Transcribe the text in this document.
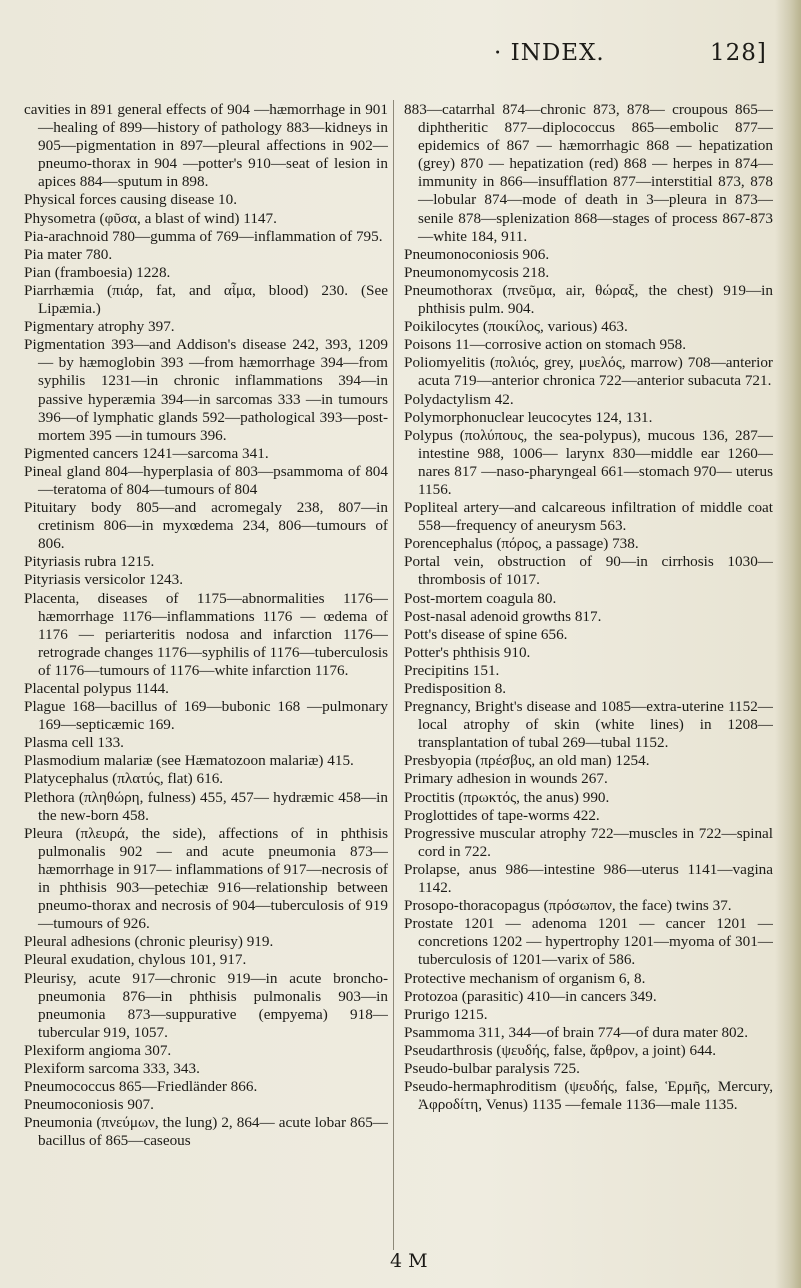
· INDEX.	128]

cavities in 891 general effects of 904 —hæmorrhage in 901—healing of 899—history of pathology 883—kidneys in 905—pigmentation in 897—pleural affections in 902—pneumo-thorax in 904 —potter's 910—seat of lesion in apices 884—sputum in 898.

Physical forces causing disease 10.

Physometra (φῦσα, a blast of wind) 1147.

Pia-arachnoid 780—gumma of 769—inflammation of 795.

Pia mater 780.

Pian (framboesia) 1228.

Piarrhæmia (πιάρ, fat, and αἷμα, blood) 230. (See Lipæmia.)

Pigmentary atrophy 397.

Pigmentation 393—and Addison's disease 242, 393, 1209 — by hæmoglobin 393 —from hæmorrhage 394—from syphilis 1231—in chronic inflammations 394—in passive hyperæmia 394—in sarcomas 333 —in tumours 396—of lymphatic glands 592—pathological 393—post-mortem 395 —in tumours 396.

Pigmented cancers 1241—sarcoma 341.

Pineal gland 804—hyperplasia of 803—psammoma of 804—teratoma of 804—tumours of 804

Pituitary body 805—and acromegaly 238, 807—in cretinism 806—in myxœdema 234, 806—tumours of 806.

Pityriasis rubra 1215.

Pityriasis versicolor 1243.

Placenta, diseases of 1175—abnormalities 1176—hæmorrhage 1176—inflammations 1176 — œdema of 1176 — periarteritis nodosa and infarction 1176—retrograde changes 1176—syphilis of 1176—tuberculosis of 1176—tumours of 1176—white infarction 1176.

Placental polypus 1144.

Plague 168—bacillus of 169—bubonic 168 —pulmonary 169—septicæmic 169.

Plasma cell 133.

Plasmodium malariæ (see Hæmatozoon malariæ) 415.

Platycephalus (πλατύς, flat) 616.

Plethora (πληθώρη, fulness) 455, 457— hydræmic 458—in the new-born 458.

Pleura (πλευρά, the side), affections of in phthisis pulmonalis 902 — and acute pneumonia 873—hæmorrhage in 917— inflammations of 917—necrosis of in phthisis 903—petechiæ 916—relationship between pneumo-thorax and necrosis of 904—tuberculosis of 919—tumours of 926.

Pleural adhesions (chronic pleurisy) 919.

Pleural exudation, chylous 101, 917.

Pleurisy, acute 917—chronic 919—in acute broncho-pneumonia 876—in phthisis pulmonalis 903—in pneumonia 873—suppurative (empyema) 918—tubercular 919, 1057.

Plexiform angioma 307.

Plexiform sarcoma 333, 343.

Pneumococcus 865—Friedländer 866.

Pneumoconiosis 907.

Pneumonia (πνεύμων, the lung) 2, 864— acute lobar 865—bacillus of 865—caseous

883—catarrhal 874—chronic 873, 878— croupous 865—diphtheritic 877—diplococcus 865—embolic 877—epidemics of 867 — hæmorrhagic 868 — hepatization (grey) 870 — hepatization (red) 868 — herpes in 874—immunity in 866—insufflation 877—interstitial 873, 878—lobular 874—mode of death in 3—pleura in 873— senile 878—splenization 868—stages of process 867-873—white 184, 911.

Pneumonoconiosis 906.

Pneumonomycosis 218.

Pneumothorax (πνεῦμα, air, θώραξ, the chest) 919—in phthisis pulm. 904.

Poikilocytes (ποικίλος, various) 463.

Poisons 11—corrosive action on stomach 958.

Poliomyelitis (πολιός, grey, μυελός, marrow) 708—anterior acuta 719—anterior chronica 722—anterior subacuta 721.

Polydactylism 42.

Polymorphonuclear leucocytes 124, 131.

Polypus (πολύπους, the sea-polypus), mucous 136, 287—intestine 988, 1006— larynx 830—middle ear 1260—nares 817 —naso-pharyngeal 661—stomach 970— uterus 1156.

Popliteal artery—and calcareous infiltration of middle coat 558—frequency of aneurysm 563.

Porencephalus (πόρος, a passage) 738.

Portal vein, obstruction of 90—in cirrhosis 1030—thrombosis of 1017.

Post-mortem coagula 80.

Post-nasal adenoid growths 817.

Pott's disease of spine 656.

Potter's phthisis 910.

Precipitins 151.

Predisposition 8.

Pregnancy, Bright's disease and 1085—extra-uterine 1152—local atrophy of skin (white lines) in 1208—transplantation of tubal 269—tubal 1152.

Presbyopia (πρέσβυς, an old man) 1254.

Primary adhesion in wounds 267.

Proctitis (πρωκτός, the anus) 990.

Proglottides of tape-worms 422.

Progressive muscular atrophy 722—muscles in 722—spinal cord in 722.

Prolapse, anus 986—intestine 986—uterus 1141—vagina 1142.

Prosopo-thoracopagus (πρόσωπον, the face) twins 37.

Prostate 1201 — adenoma 1201 — cancer 1201 — concretions 1202 — hypertrophy 1201—myoma of 301—tuberculosis of 1201—varix of 586.

Protective mechanism of organism 6, 8.

Protozoa (parasitic) 410—in cancers 349.

Prurigo 1215.

Psammoma 311, 344—of brain 774—of dura mater 802.

Pseudarthrosis (ψευδής, false, ἄρθρον, a joint) 644.

Pseudo-bulbar paralysis 725.

Pseudo-hermaphroditism (ψευδής, false, Ἑρμῆς, Mercury, Ἀφροδίτη, Venus) 1135 —female 1136—male 1135.

4 M
